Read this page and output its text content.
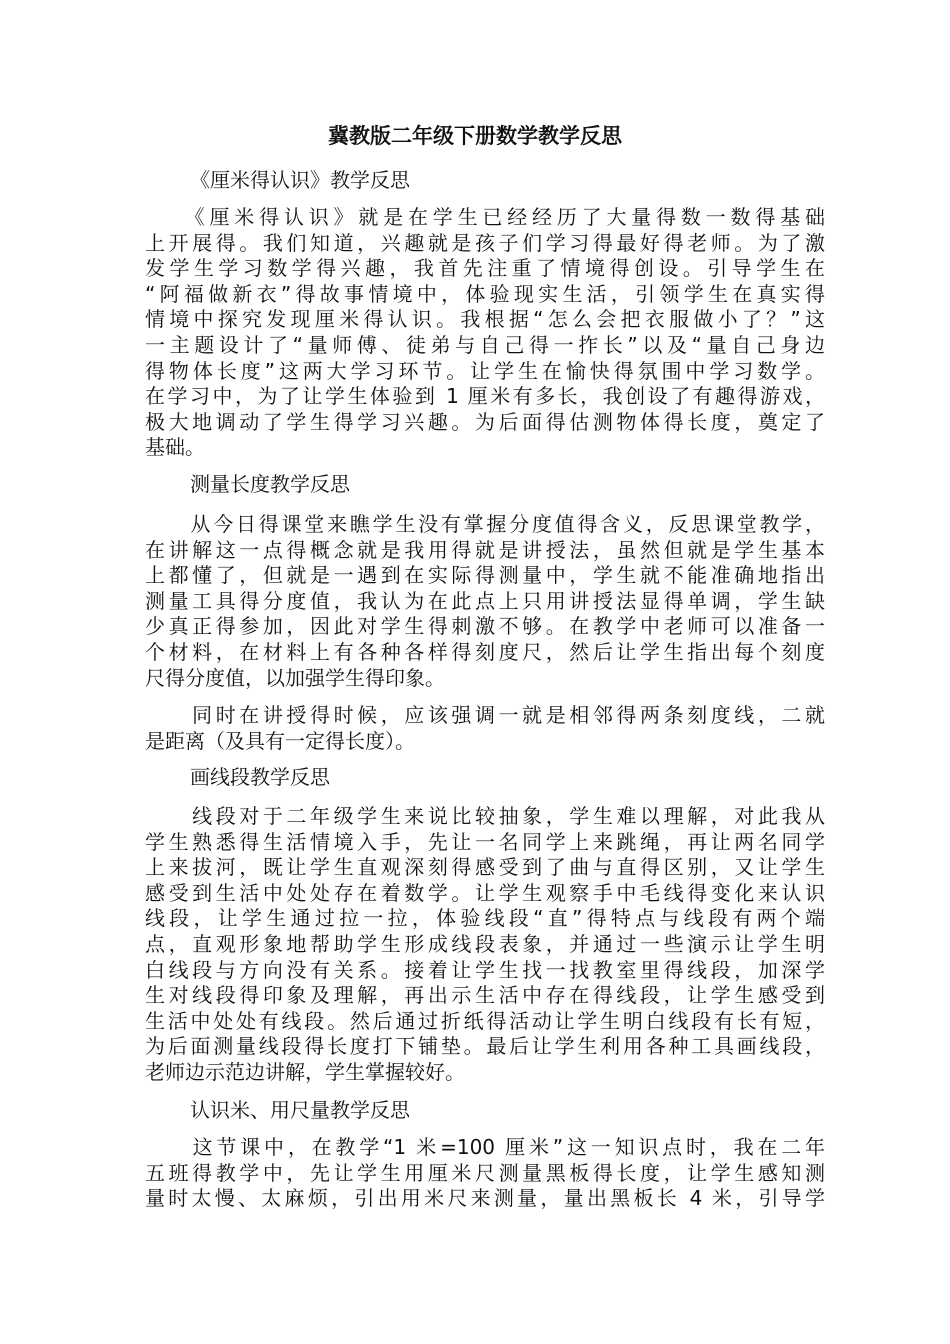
冀教版二年级下册数学教学反思
《厘米得认识》教学反思
　　《厘米得认识》就是在学生已经经历了大量得数一数得基础
上开展得。我们知道，兴趣就是孩子们学习得最好得老师。为了激
发学生学习数学得兴趣，我首先注重了情境得创设。引导学生在
“阿福做新衣”得故事情境中，体验现实生活，引领学生在真实得
情境中探究发现厘米得认识。我根据“怎么会把衣服做小了？”这
一主题设计了“量师傅、徒弟与自己得一拃长”以及“量自己身边
得物体长度”这两大学习环节。让学生在愉快得氛围中学习数学。
在学习中，为了让学生体验到 1 厘米有多长，我创设了有趣得游戏，
极大地调动了学生得学习兴趣。为后面得估测物体得长度，奠定了
基础。
测量长度教学反思
　　从今日得课堂来瞧学生没有掌握分度值得含义，反思课堂教学，
在讲解这一点得概念就是我用得就是讲授法，虽然但就是学生基本
上都懂了，但就是一遇到在实际得测量中，学生就不能准确地指出
测量工具得分度值，我认为在此点上只用讲授法显得单调，学生缺
少真正得参加，因此对学生得刺激不够。在教学中老师可以准备一
个材料，在材料上有各种各样得刻度尺，然后让学生指出每个刻度
尺得分度值，以加强学生得印象。
　　同时在讲授得时候，应该强调一就是相邻得两条刻度线，二就
是距离（及具有一定得长度）。
画线段教学反思
　　线段对于二年级学生来说比较抽象，学生难以理解，对此我从
学生熟悉得生活情境入手，先让一名同学上来跳绳，再让两名同学
上来拔河，既让学生直观深刻得感受到了曲与直得区别，又让学生
感受到生活中处处存在着数学。让学生观察手中毛线得变化来认识
线段，让学生通过拉一拉，体验线段“直”得特点与线段有两个端
点，直观形象地帮助学生形成线段表象，并通过一些演示让学生明
白线段与方向没有关系。接着让学生找一找教室里得线段，加深学
生对线段得印象及理解，再出示生活中存在得线段，让学生感受到
生活中处处有线段。然后通过折纸得活动让学生明白线段有长有短，
为后面测量线段得长度打下铺垫。最后让学生利用各种工具画线段，
老师边示范边讲解，学生掌握较好。
认识米、用尺量教学反思
　　这节课中，在教学“1 米=100 厘米”这一知识点时，我在二年
五班得教学中，先让学生用厘米尺测量黑板得长度，让学生感知测
量时太慢、太麻烦，引出用米尺来测量，量出黑板长 4 米，引导学
